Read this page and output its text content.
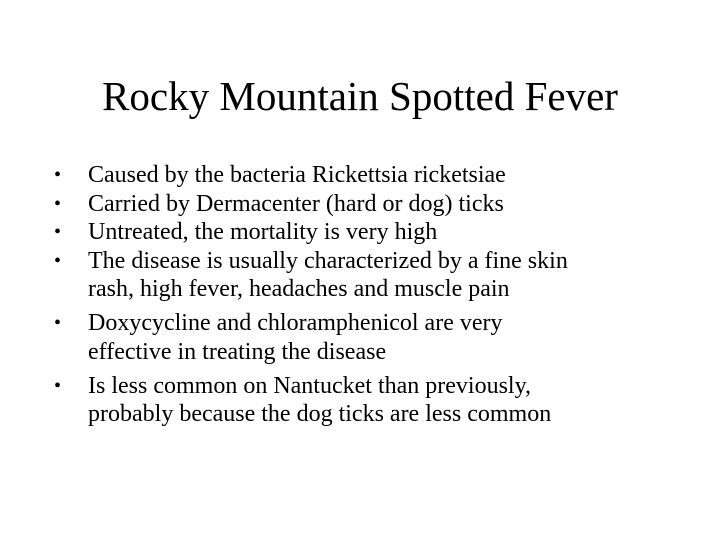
Rocky Mountain Spotted Fever
• Caused by the bacteria Rickettsia ricketsiae
• Carried by Dermacenter (hard or dog) ticks
• Untreated, the mortality is very high
• The disease is usually characterized by a fine skin
rash, high fever, headaches and muscle pain
• Doxycycline and chloramphenicol are very
effective in treating the disease
• Is less common on Nantucket than previously,
probably because the dog ticks are less common
